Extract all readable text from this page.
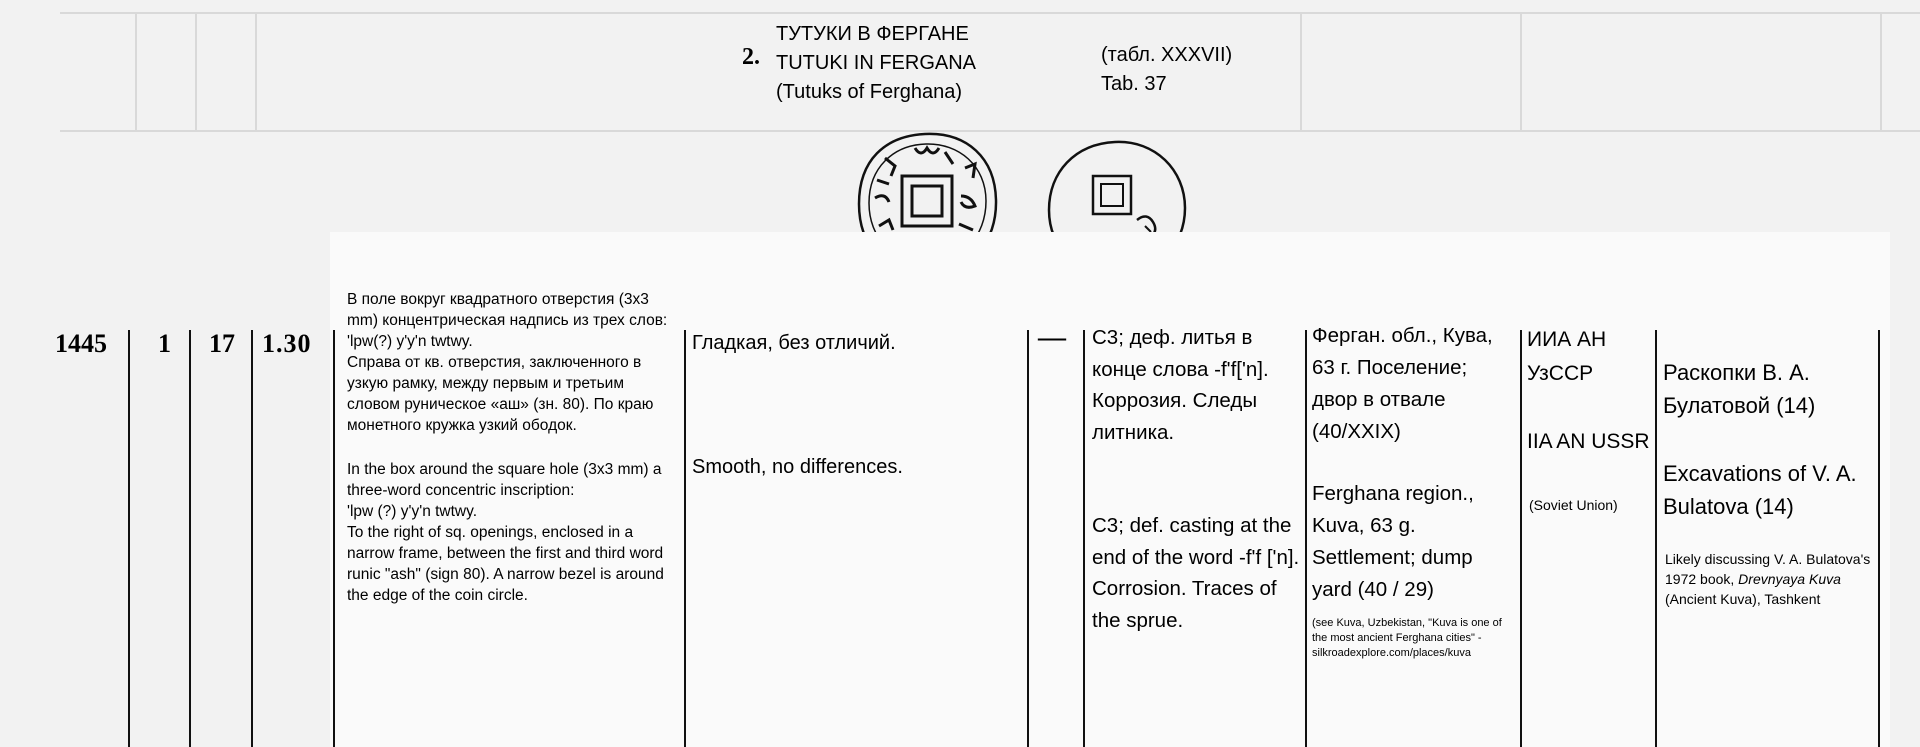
2.
ТУТУКИ В ФЕРГАНЕ
TUTUKI IN FERGANA
(Tutuks of Ferghana)
(табл. XXXVII)
Tab. 37
1445 1 17 1.30
В поле вокруг квадратного отверстия (3х3 mm) концентрическая надпись из трех слов:
'lpw(?) y'y'n twtwy.
Справа от кв. отверстия, заключенного в узкую рамку, между первым и третьим словом руническое «аш» (зн. 80). По краю монетного кружка узкий ободок.
In the box around the square hole (3x3 mm) a three-word concentric inscription:
'lpw (?) y'y'n twtwy.
To the right of sq. openings, enclosed in a narrow frame, between the first and third word runic "ash" (sign 80). A narrow bezel is around the edge of the coin circle.
Гладкая, без отличий.
Smooth, no differences.
— С3; деф. литья в конце слова -f'f['n]. Коррозия. Следы литника.
C3; def. casting at the end of the word -f'f ['n]. Corrosion. Traces of the sprue.
Ферган. обл., Кува, 63 г. Поселение; двор в отвале (40/XXIX)
Ferghana region., Kuva, 63 g. Settlement; dump yard (40 / 29)
(see Kuva, Uzbekistan, "Kuva is one of the most ancient Ferghana cities" - silkroadexplore.com/places/kuva
ИИА АН УзССР
IIA AN USSR
(Soviet Union)
Раскопки В. А. Булатовой (14)
Excavations of V. A. Bulatova (14)
Likely discussing V. A. Bulatova's 1972 book, Drevnyaya Kuva (Ancient Kuva), Tashkent
